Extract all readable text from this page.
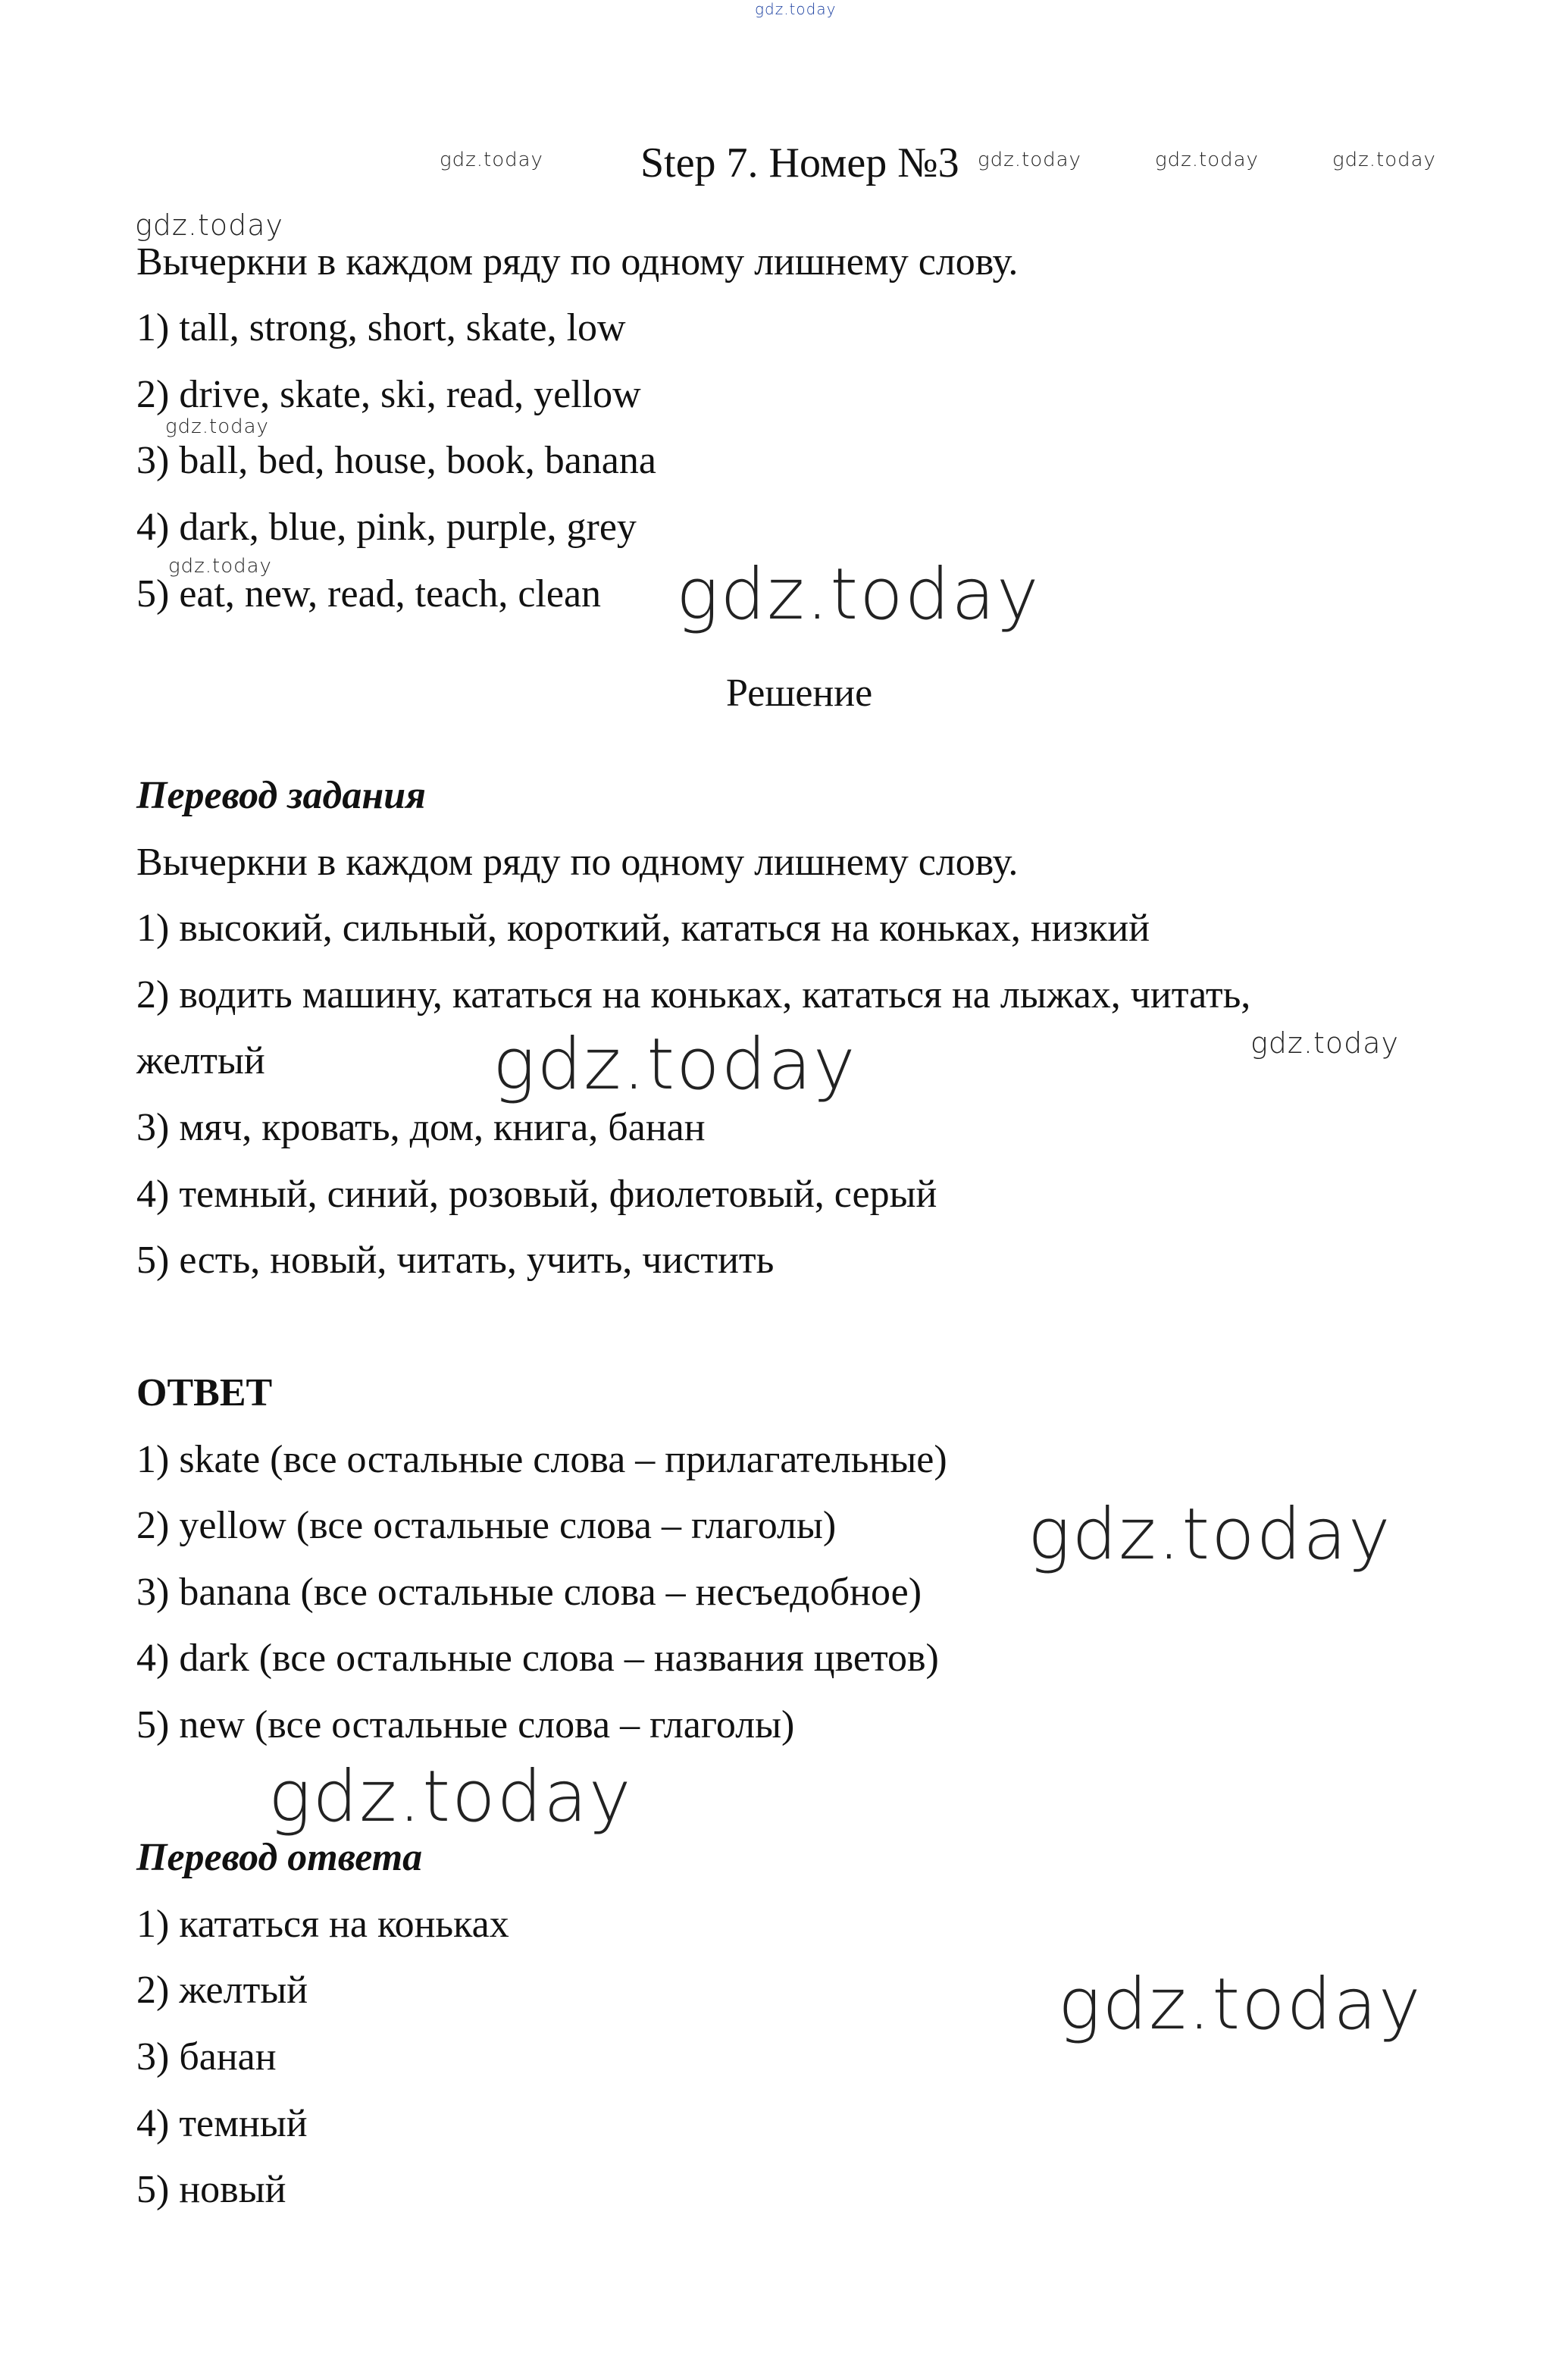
gdz.today
gdz.today	gdz.today	gdz.today	gdz.today
gdz.today
gdz.today
gdz.today	gdz.today
gdz.today	gdz.today
gdz.today
gdz.today
gdz.today
Step 7. Номер №3
Вычеркни в каждом ряду по одному лишнему слову.
1) tall, strong, short, skate, low
2) drive, skate, ski, read, yellow
3) ball, bed, house, book, banana
4) dark, blue, pink, purple, grey
5) eat, new, read, teach, clean
Решение
Перевод задания
Вычеркни в каждом ряду по одному лишнему слову.
1) высокий, сильный, короткий, кататься на коньках, низкий
2) водить машину, кататься на коньках, кататься на лыжах, читать,
желтый
3) мяч, кровать, дом, книга, банан
4) темный, синий, розовый, фиолетовый, серый
5) есть, новый, читать, учить, чистить
ОТВЕТ
1) skate (все остальные слова – прилагательные)
2) yellow (все остальные слова – глаголы)
3) banana (все остальные слова – несъедобное)
4) dark (все остальные слова – названия цветов)
5) new (все остальные слова – глаголы)
Перевод ответа
1) кататься на коньках
2) желтый
3) банан
4) темный
5) новый
